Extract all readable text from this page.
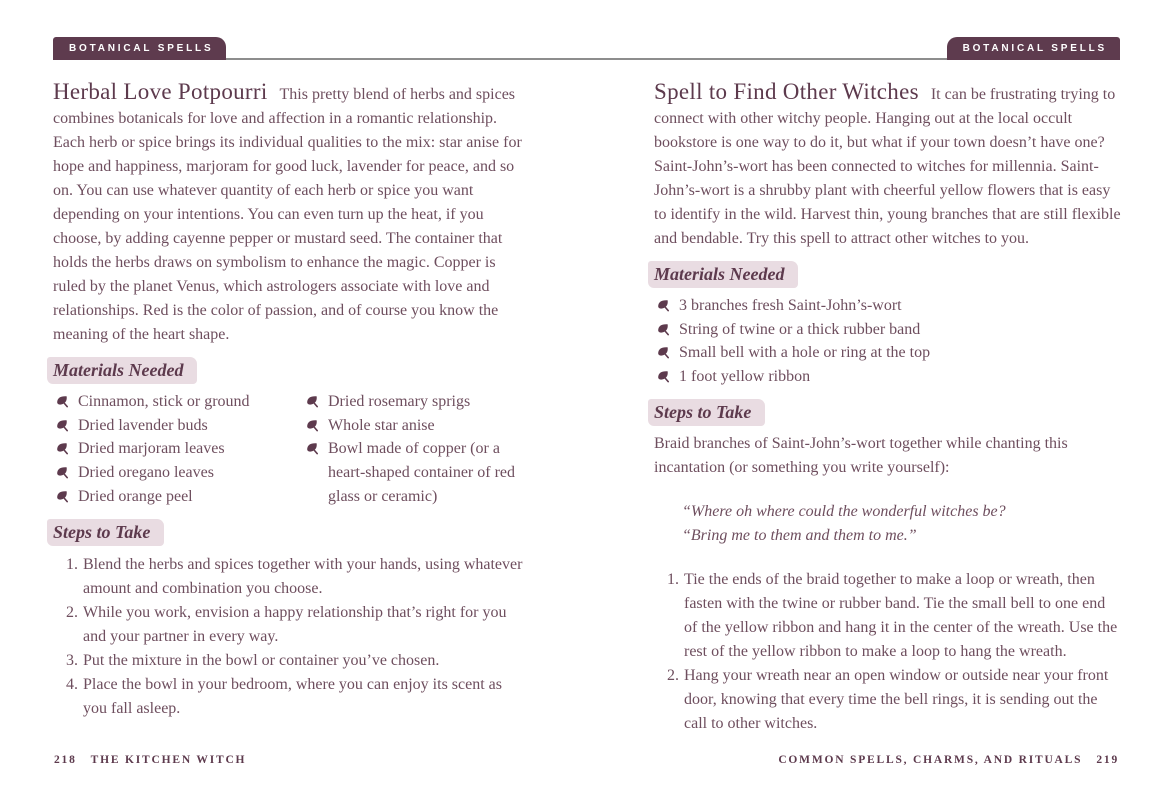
BOTANICAL SPELLS	BOTANICAL SPELLS

Herbal Love Potpourri This pretty blend of herbs and spices combines botanicals for love and affection in a romantic relationship. Each herb or spice brings its individual qualities to the mix: star anise for hope and happiness, marjoram for good luck, lavender for peace, and so on. You can use whatever quantity of each herb or spice you want depending on your intentions. You can even turn up the heat, if you choose, by adding cayenne pepper or mustard seed. The container that holds the herbs draws on symbolism to enhance the magic. Copper is ruled by the planet Venus, which astrologers associate with love and relationships. Red is the color of passion, and of course you know the meaning of the heart shape.

Materials Needed
Cinnamon, stick or ground
Dried lavender buds
Dried marjoram leaves
Dried oregano leaves
Dried orange peel
Dried rosemary sprigs
Whole star anise
Bowl made of copper (or a heart-shaped container of red glass or ceramic)
Steps to Take
1. Blend the herbs and spices together with your hands, using whatever amount and combination you choose.
2. While you work, envision a happy relationship that’s right for you and your partner in every way.
3. Put the mixture in the bowl or container you’ve chosen.
4. Place the bowl in your bedroom, where you can enjoy its scent as you fall asleep.

Spell to Find Other Witches It can be frustrating trying to connect with other witchy people. Hanging out at the local occult bookstore is one way to do it, but what if your town doesn’t have one? Saint-John’s-wort has been connected to witches for millennia. Saint-John’s-wort is a shrubby plant with cheerful yellow flowers that is easy to identify in the wild. Harvest thin, young branches that are still flexible and bendable. Try this spell to attract other witches to you.

Materials Needed
3 branches fresh Saint-John’s-wort
String of twine or a thick rubber band
Small bell with a hole or ring at the top
1 foot yellow ribbon
Steps to Take

Braid branches of Saint-John’s-wort together while chanting this incantation (or something you write yourself):

“Where oh where could the wonderful witches be?
“Bring me to them and them to me.”
1. Tie the ends of the braid together to make a loop or wreath, then fasten with the twine or rubber band. Tie the small bell to one end of the yellow ribbon and hang it in the center of the wreath. Use the rest of the yellow ribbon to make a loop to hang the wreath.
2. Hang your wreath near an open window or outside near your front door, knowing that every time the bell rings, it is sending out the call to other witches.
218 THE KITCHEN WITCH	COMMON SPELLS, CHARMS, AND RITUALS 219
